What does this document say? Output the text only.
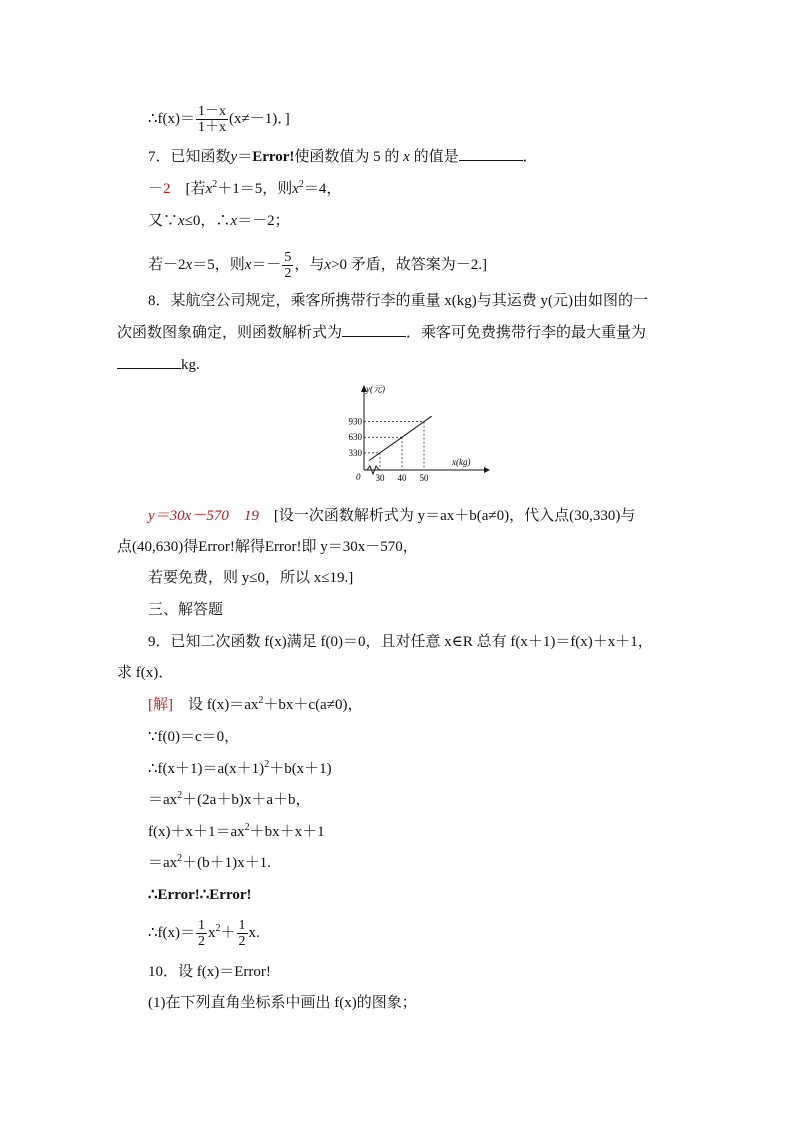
∴f(x)＝ $\frac{1-x}{1+x} (x\ne-1)$．]
7．已知函数y＝Error!使函数值为 5 的 x 的值是	．
－2　 [若$x^2+1=5$，则$x^2=4$，
又∵x≤0，∴x＝－2；
若－2x＝5，则$x=- \frac{5}{2}$ ，与x>0 矛盾，故答案为－2.]
8．某航空公司规定，乘客所携带行李的重量 x(kg)与其运费 y(元)由如图的一
次函数图象确定，则函数解析式为	．乘客可免费携带行李的最大重量为
kg.
y(元)
x(kg)
0
330
630
930
30 40 50
y＝30x－570　19　 [设一次函数解析式为 y＝ax＋b(a≠0)，代入点(30,330)与
点(40,630)得Error!解得Error!即 y＝30x－570，
若要免费，则 y≤0，所以 x≤19.]
三、解答题
9．已知二次函数 f(x)满足 f(0)＝0，且对任意 x∈R 总有 f(x＋1)＝f(x)＋x＋1，
求 f(x)．
[解]　设 $f(x)=ax^2+bx+c(a\ne 0)$，
∵f(0)＝c＝0，
$\therefore f(x+1)=a(x+1)^2+b(x+1)$
$=ax^2+(2a+b)x+a+b$，
$f(x)+x+1=ax^2+bx+x+1$
$=ax^2+(b+1)x+1$.
∴Error!∴Error!
∴f(x)＝ $\frac{1}{2} x^2+ \frac{1}{2} x$.
10．设 f(x)＝Error!
(1)在下列直角坐标系中画出 f(x)的图象；
